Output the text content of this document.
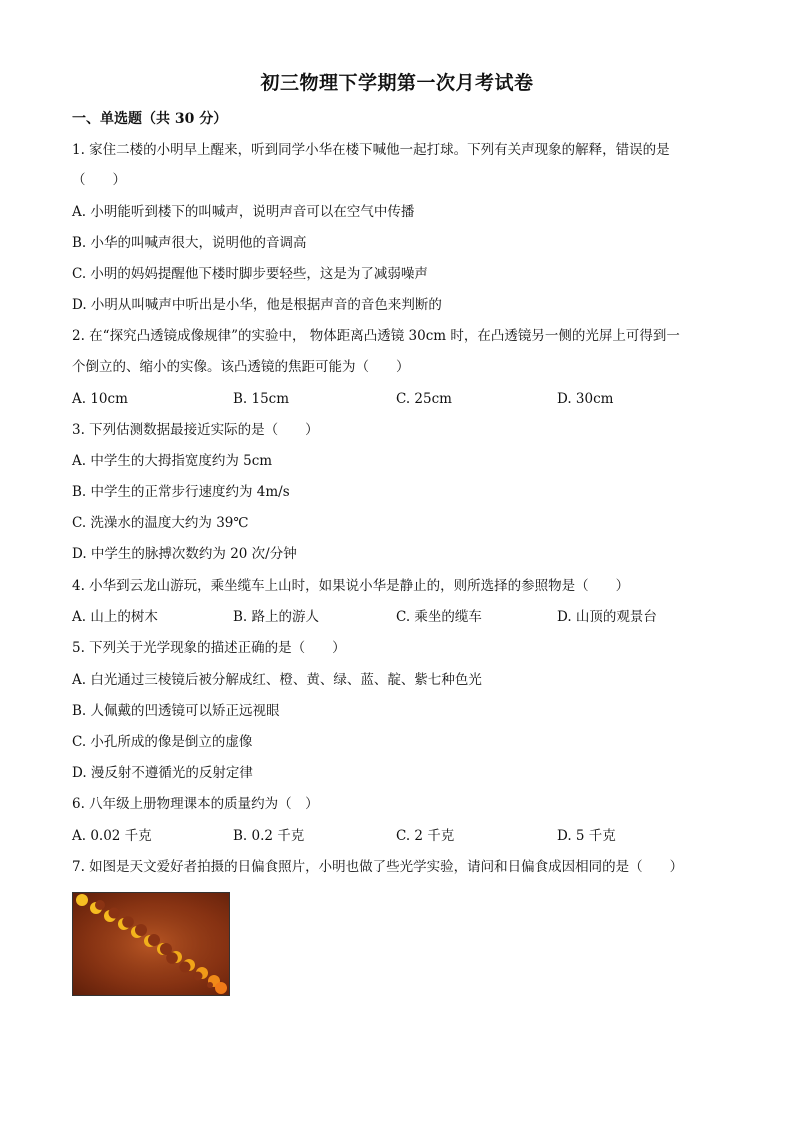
初三物理下学期第一次月考试卷
一、单选题（共 30 分）
1. 家住二楼的小明早上醒来，听到同学小华在楼下喊他一起打球。下列有关声现象的解释，错误的是
（　　）
A. 小明能听到楼下的叫喊声，说明声音可以在空气中传播
B. 小华的叫喊声很大，说明他的音调高
C. 小明的妈妈提醒他下楼时脚步要轻些，这是为了减弱噪声
D. 小明从叫喊声中听出是小华，他是根据声音的音色来判断的
2. 在“探究凸透镜成像规律”的实验中， 物体距离凸透镜 30cm 时，在凸透镜另一侧的光屏上可得到一
个倒立的、缩小的实像。该凸透镜的焦距可能为（　　）
A. 10cm	B. 15cm	C. 25cm	D. 30cm
3. 下列估测数据最接近实际的是（　　）
A. 中学生的大拇指宽度约为 5cm
B. 中学生的正常步行速度约为 4m/s
C. 洗澡水的温度大约为 39℃
D. 中学生的脉搏次数约为 20 次/分钟
4. 小华到云龙山游玩，乘坐缆车上山时，如果说小华是静止的，则所选择的参照物是（　　）
A. 山上的树木	B. 路上的游人	C. 乘坐的缆车	D. 山顶的观景台
5. 下列关于光学现象的描述正确的是（　　）
A. 白光通过三棱镜后被分解成红、橙、黄、绿、蓝、靛、紫七种色光
B. 人佩戴的凹透镜可以矫正远视眼
C. 小孔所成的像是倒立的虚像
D. 漫反射不遵循光的反射定律
6. 八年级上册物理课本的质量约为（　）
A. 0.02 千克	B. 0.2 千克	C. 2 千克	D. 5 千克
7. 如图是天文爱好者拍摄的日偏食照片，小明也做了些光学实验，请问和日偏食成因相同的是（　　）
